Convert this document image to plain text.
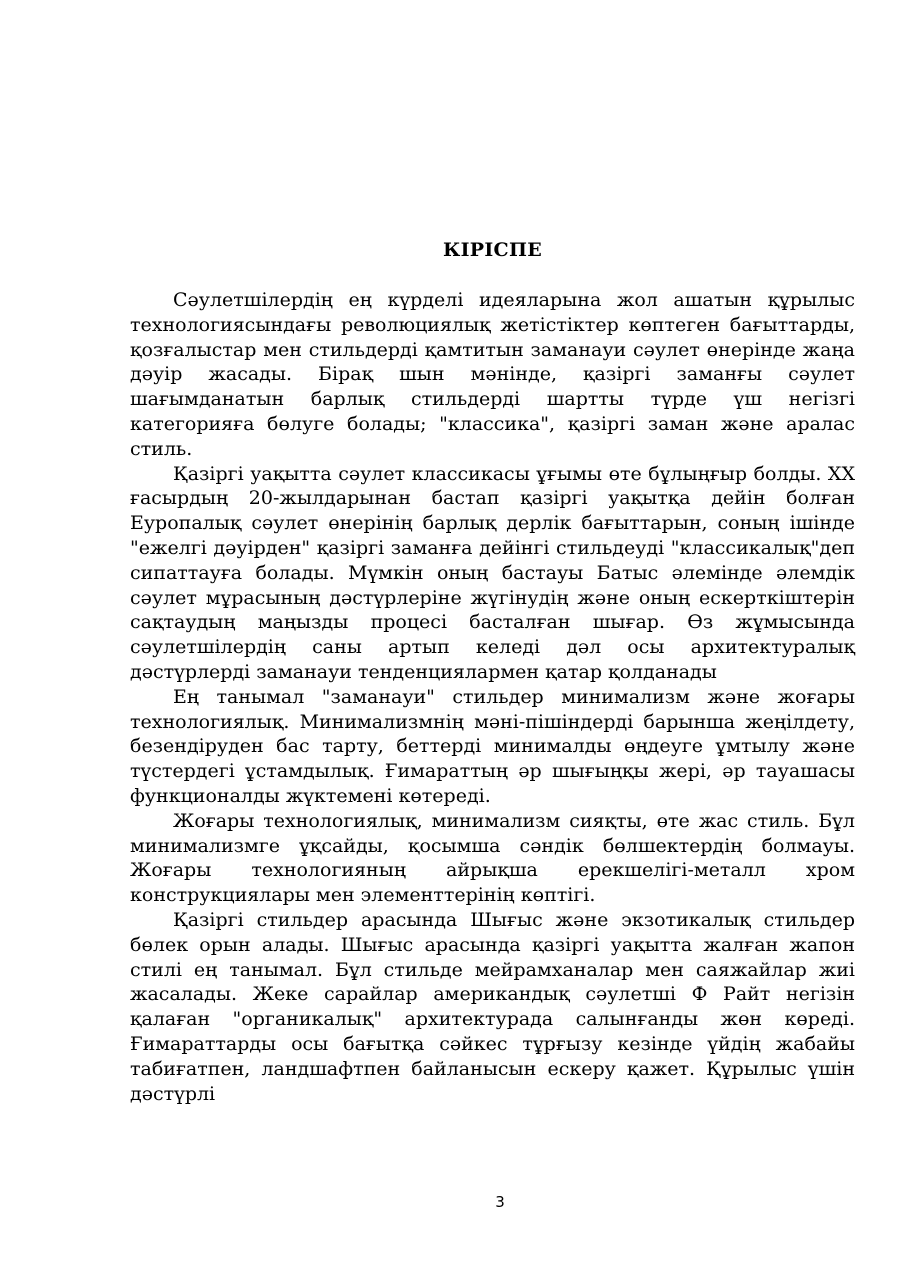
КІРІСПЕ

Сәулетшілердің ең күрделі идеяларына жол ашатын құрылыс технологиясындағы революциялық жетістіктер көптеген бағыттарды, қозғалыстар мен стильдерді қамтитын заманауи сәулет өнерінде жаңа дәуір жасады. Бірақ шын мәнінде, қазіргі заманғы сәулет шағымданатын барлық стильдерді шартты түрде үш негізгі категорияға бөлуге болады; "классика", қазіргі заман және аралас стиль.

Қазіргі уақытта сәулет классикасы ұғымы өте бұлыңғыр болды. XX ғасырдың 20-жылдарынан бастап қазіргі уақытқа дейін болған Еуропалық сәулет өнерінің барлық дерлік бағыттарын, соның ішінде "ежелгі дәуірден" қазіргі заманға дейінгі стильдеуді "классикалық"деп сипаттауға болады. Мүмкін оның бастауы Батыс әлемінде әлемдік сәулет мұрасының дәстүрлеріне жүгінудің және оның ескерткіштерін сақтаудың маңызды процесі басталған шығар. Өз жұмысында сәулетшілердің саны артып келеді дәл осы архитектуралық дәстүрлерді заманауи тенденциялармен қатар қолданады

Ең танымал "заманауи" стильдер минимализм және жоғары технологиялық. Минимализмнің мәні-пішіндерді барынша жеңілдету, безендіруден бас тарту, беттерді минималды өңдеуге ұмтылу және түстердегі ұстамдылық. Ғимараттың әр шығыңқы жері, әр тауашасы функционалды жүктемені көтереді.

Жоғары технологиялық, минимализм сияқты, өте жас стиль. Бұл минимализмге ұқсайды, қосымша сәндік бөлшектердің болмауы. Жоғары технологияның айрықша ерекшелігі-металл хром конструкциялары мен элементтерінің көптігі.

Қазіргі стильдер арасында Шығыс және экзотикалық стильдер бөлек орын алады. Шығыс арасында қазіргі уақытта жалған жапон стилі ең танымал. Бұл стильде мейрамханалар мен саяжайлар жиі жасалады. Жеке сарайлар американдық сәулетші Ф Райт негізін қалаған "органикалық" архитектурада салынғанды жөн көреді. Ғимараттарды осы бағытқа сәйкес тұрғызу кезінде үйдің жабайы табиғатпен, ландшафтпен байланысын ескеру қажет. Құрылыс үшін дәстүрлі

3
